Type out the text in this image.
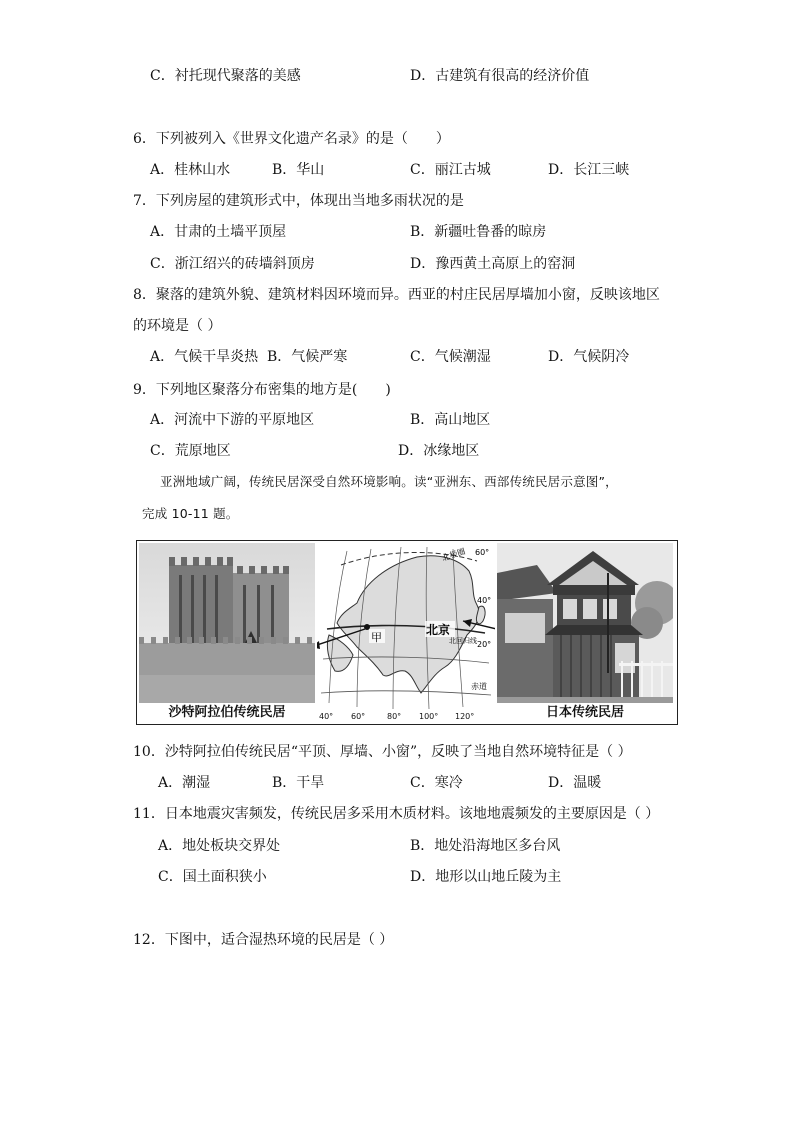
C．衬托现代聚落的美感	D．古建筑有很高的经济价值
6．下列被列入《世界文化遗产名录》的是（　　）
A．桂林山水	B．华山	C．丽江古城	D．长江三峡
7．下列房屋的建筑形式中，体现出当地多雨状况的是
A．甘肃的土墙平顶屋	B．新疆吐鲁番的晾房
C．浙江绍兴的砖墙斜顶房	D．豫西黄土高原上的窑洞
8．聚落的建筑外貌、建筑材料因环境而异。西亚的村庄民居厚墙加小窗，反映该地区
的环境是（ ）
A．气候干旱炎热 B．气候严寒	C．气候潮湿	D．气候阴冷
9．下列地区聚落分布密集的地方是(　　)
A．河流中下游的平原地区	B．高山地区
C．荒原地区	D．冰缘地区
亚洲地域广阔，传统民居深受自然环境影响。读“亚洲东、西部传统民居示意图”，
完成 10-11 题。
沙特阿拉伯传统民居
北极圈 60°
40°
北回归线 20°
赤道
甲
北京
40° 60°	80° 100° 120°	日本传统民居
10．沙特阿拉伯传统民居“平顶、厚墙、小窗”，反映了当地自然环境特征是（ ）
A．潮湿	B．干旱	C．寒冷	D．温暖
11．日本地震灾害频发，传统民居多采用木质材料。该地地震频发的主要原因是（ ）
A．地处板块交界处	B．地处沿海地区多台风
C．国土面积狭小	D．地形以山地丘陵为主
12．下图中，适合湿热环境的民居是（ ）
